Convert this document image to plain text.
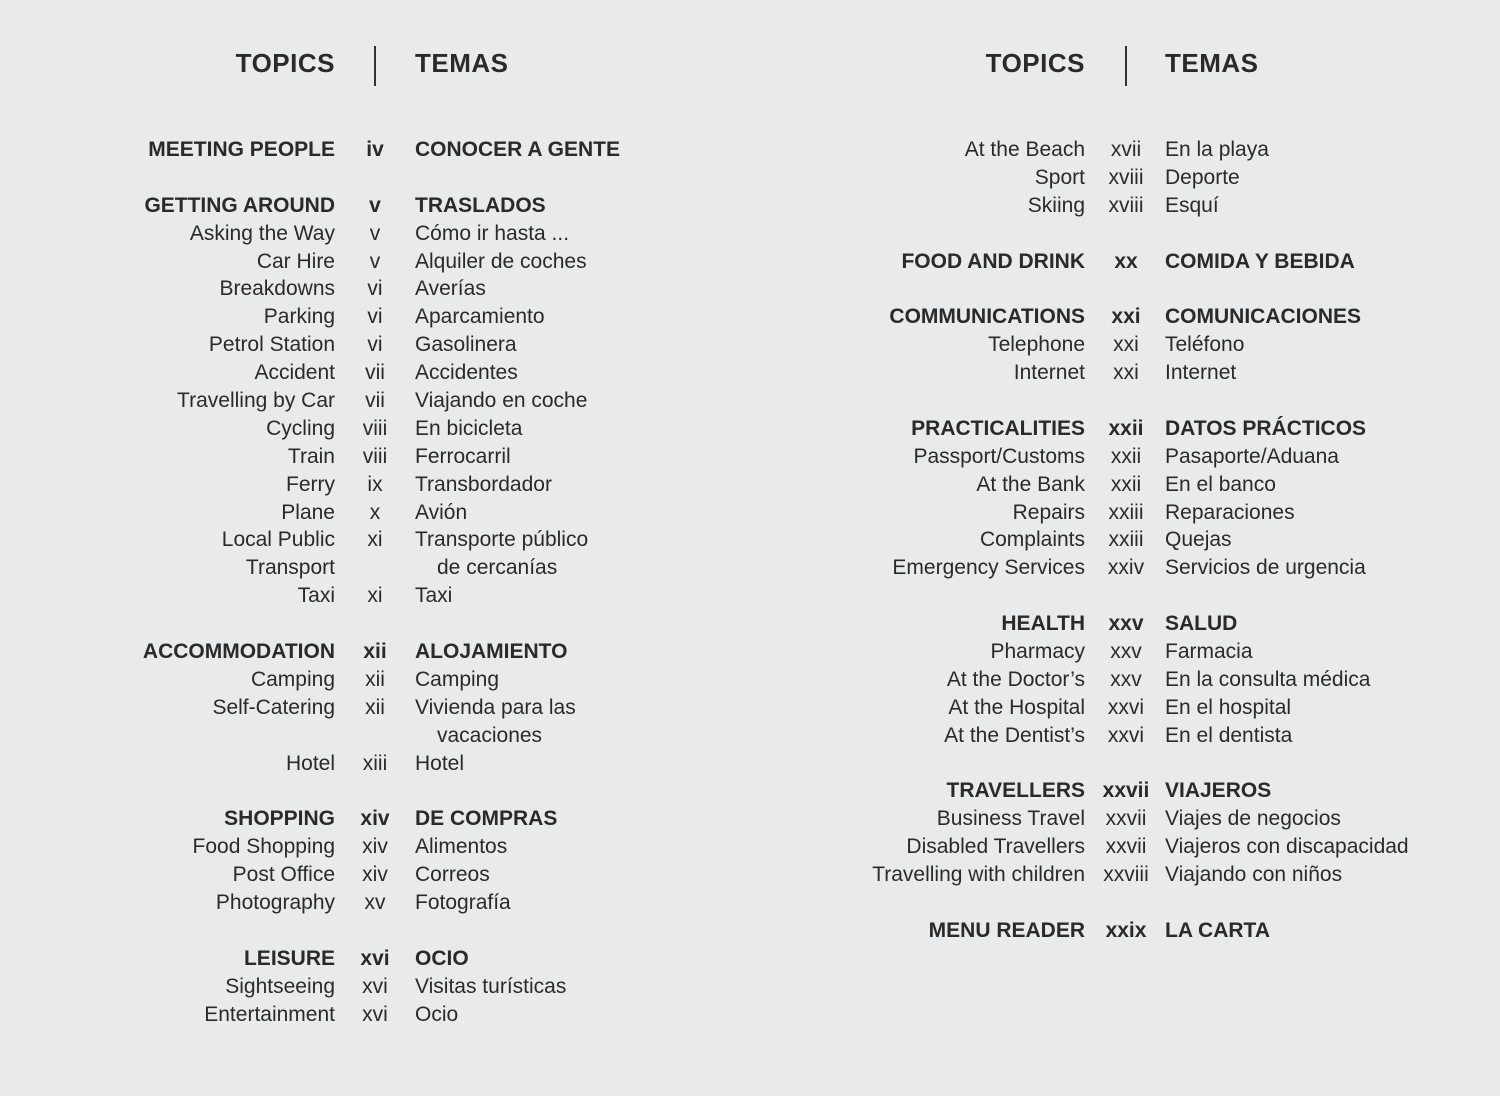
TOPICS	TEMAS
MEETING PEOPLE	iv	CONOCER A GENTE
GETTING AROUND	v	TRASLADOS
Asking the Way	v	Cómo ir hasta ...
Car Hire	v	Alquiler de coches
Breakdowns	vi	Averías
Parking	vi	Aparcamiento
Petrol Station	vi	Gasolinera
Accident	vii	Accidentes
Travelling by Car	vii	Viajando en coche
Cycling	viii	En bicicleta
Train	viii	Ferrocarril
Ferry	ix	Transbordador
Plane	x	Avión
Local Public	xi	Transporte público
Transport	de cercanías
Taxi	xi	Taxi
ACCOMMODATION	xii	ALOJAMIENTO
Camping	xii	Camping
Self-Catering	xii	Vivienda para las
vacaciones
Hotel	xiii	Hotel
SHOPPING	xiv	DE COMPRAS
Food Shopping	xiv	Alimentos
Post Office	xiv	Correos
Photography	xv	Fotografía
LEISURE	xvi	OCIO
Sightseeing	xvi	Visitas turísticas
Entertainment	xvi	Ocio
TOPICS	TEMAS
At the Beach	xvii	En la playa
Sport	xviii	Deporte
Skiing	xviii	Esquí
FOOD AND DRINK	xx	COMIDA Y BEBIDA
COMMUNICATIONS	xxi	COMUNICACIONES
Telephone	xxi	Teléfono
Internet	xxi	Internet
PRACTICALITIES	xxii	DATOS PRÁCTICOS
Passport/Customs	xxii	Pasaporte/Aduana
At the Bank	xxii	En el banco
Repairs	xxiii	Reparaciones
Complaints	xxiii	Quejas
Emergency Services	xxiv Servicios de urgencia
HEALTH	xxv	SALUD
Pharmacy	xxv	Farmacia
At the Doctor’s	xxv	En la consulta médica
At the Hospital	xxvi En el hospital
At the Dentist’s	xxvi En el dentista
TRAVELLERS xxvii VIAJEROS
Business Travel xxvii Viajes de negocios
Disabled Travellers xxvii Viajeros con discapacidad
Travelling with children xxviii Viajando con niños
MENU READER xxix LA CARTA
